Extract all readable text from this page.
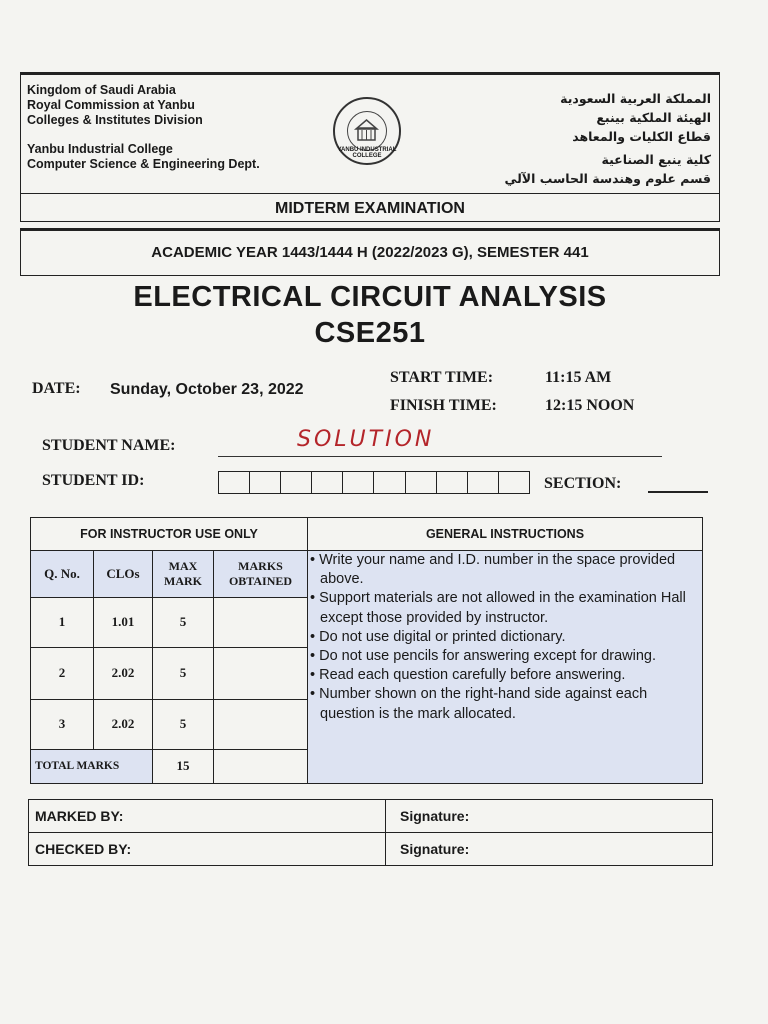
Kingdom of Saudi Arabia
Royal Commission at Yanbu
Colleges & Institutes Division
Yanbu Industrial College
Computer Science & Engineering Dept.
YANBU INDUSTRIAL COLLEGE
المملكة العربية السعودية
الهيئة الملكية بينبع
قطاع الكليات والمعاهد
كلية ينبع الصناعية
قسم علوم وهندسة الحاسب الآلي
MIDTERM EXAMINATION
ACADEMIC YEAR 1443/1444 H (2022/2023 G), SEMESTER 441
ELECTRICAL CIRCUIT ANALYSIS
CSE251
DATE: Sunday, October 23, 2022
START TIME:	11:15 AM
FINISH TIME:	12:15 NOON
STUDENT NAME:	SOLUTION
STUDENT ID:	SECTION:
FOR INSTRUCTOR USE ONLY	GENERAL INSTRUCTIONS

Q. No.	CLOs	MAX MARK	MARKS OBTAINED
1	1.01	5	
2	2.02	5	
3	2.02	5	
TOTAL MARKS	15	

• Write your name and I.D. number in the space provided above.
• Support materials are not allowed in the examination Hall except those provided by instructor.
• Do not use digital or printed dictionary.
• Do not use pencils for answering except for drawing.
• Read each question carefully before answering.
• Number shown on the right-hand side against each question is the mark allocated.
MARKED BY:	Signature:
CHECKED BY:	Signature:
